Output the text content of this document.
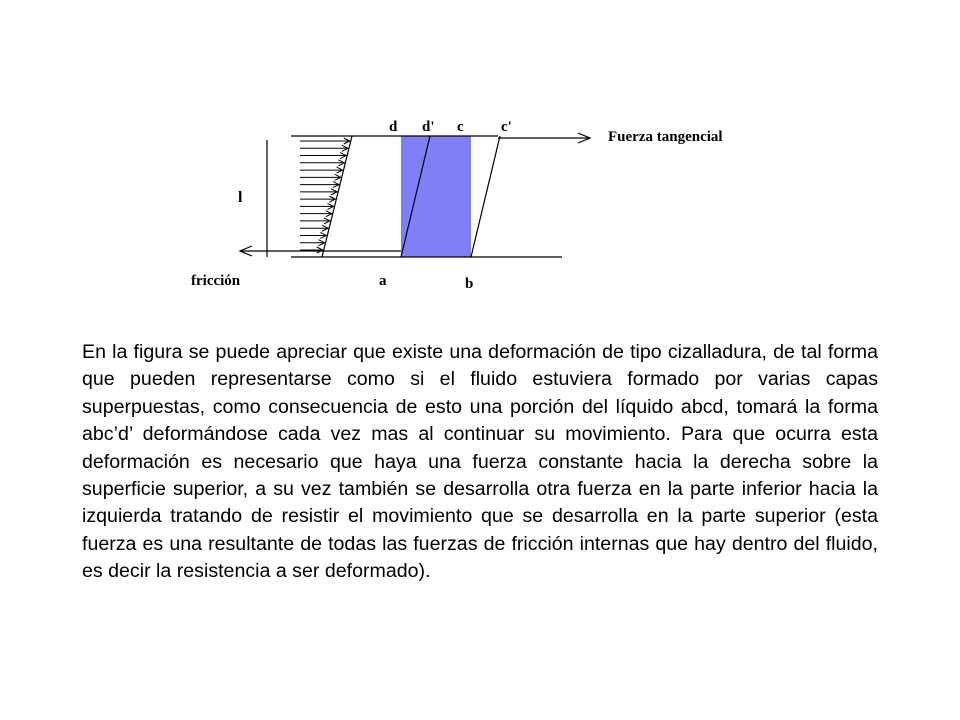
d d' c c'
a	b
l
fricción
Fuerza tangencial

En la figura se puede apreciar que existe una deformación de tipo cizalladura, de tal forma que pueden representarse como si el fluido estuviera formado por varias capas superpuestas, como consecuencia de esto una porción del líquido abcd, tomará la forma abc’d’ deformándose cada vez mas al continuar su movimiento. Para que ocurra esta deformación es necesario que haya una fuerza constante hacia la derecha sobre la superficie superior, a su vez también se desarrolla otra fuerza en la parte inferior hacia la izquierda tratando de resistir el movimiento que se desarrolla en la parte superior (esta fuerza es una resultante de todas las fuerzas de fricción internas que hay dentro del fluido, es decir la resistencia a ser deformado).
